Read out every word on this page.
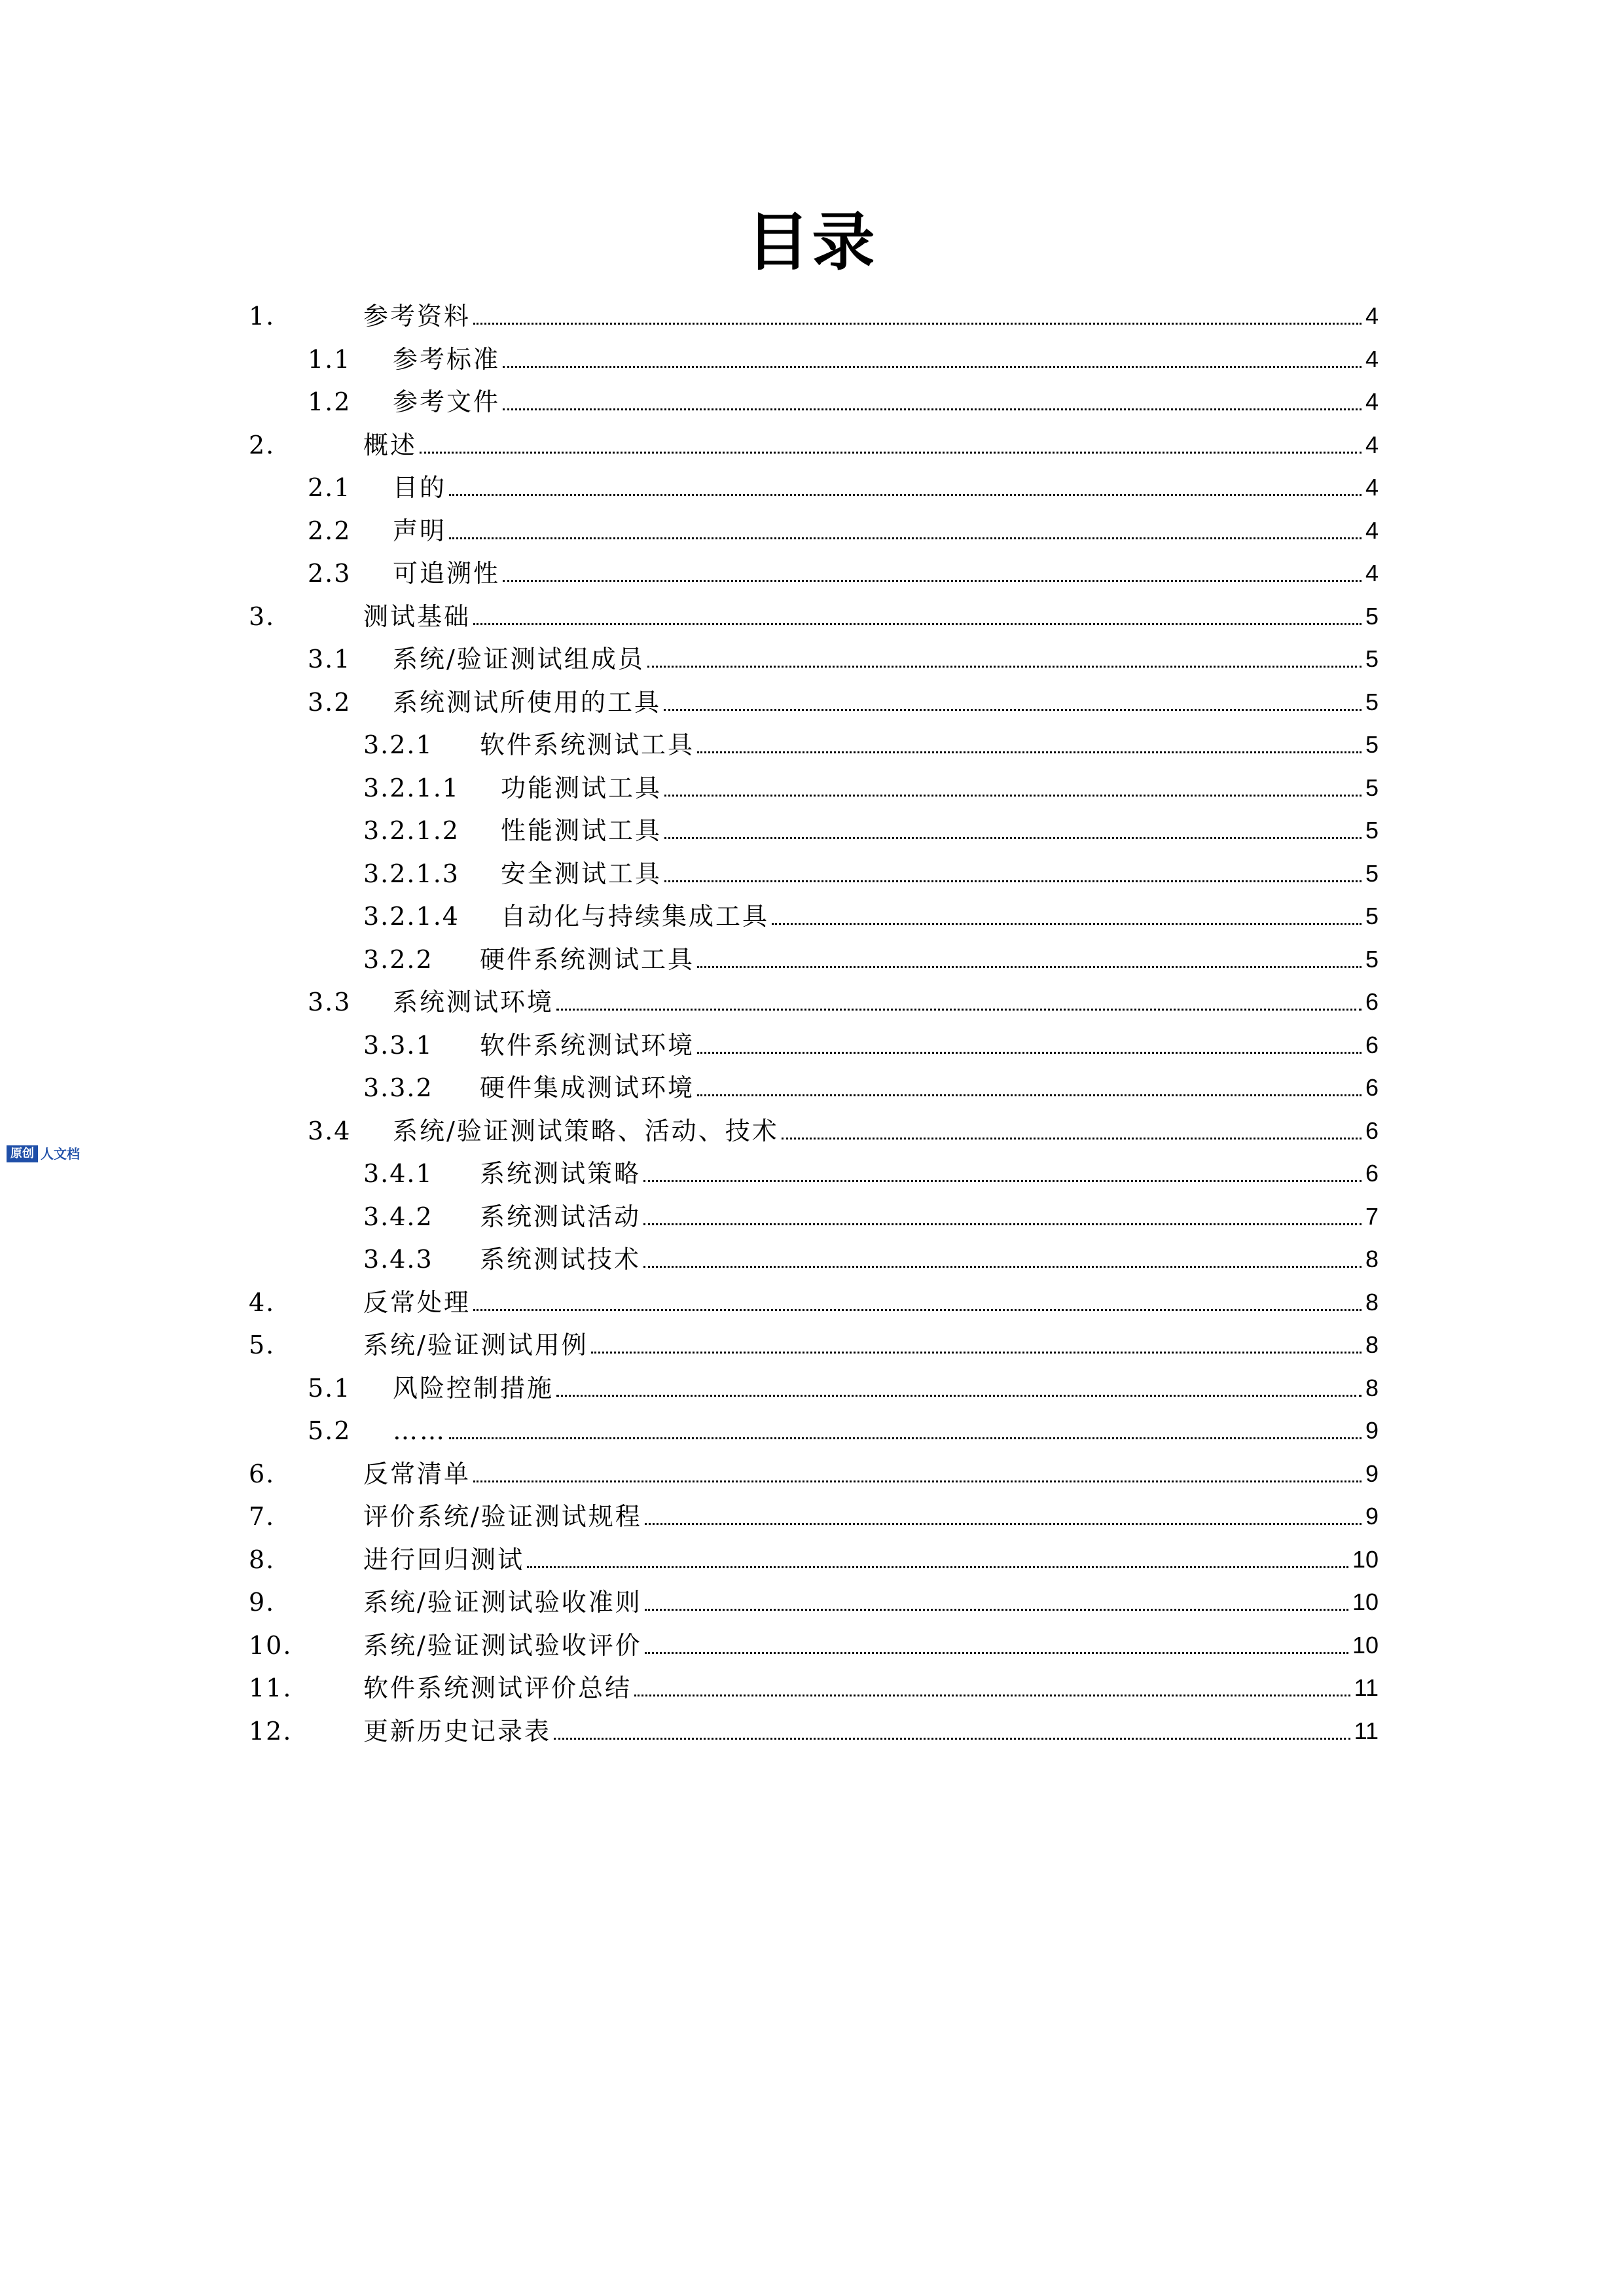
目录
1.	参考资料	4
1.1 参考标准	4
1.2 参考文件	4
2.	概述	4
2.1 目的	4
2.2 声明	4
2.3 可追溯性	4
3.	测试基础	5
3.1 系统/验证测试组成员	5
3.2 系统测试所使用的工具	5
3.2.1 软件系统测试工具	5
3.2.1.1 功能测试工具	5
3.2.1.2 性能测试工具	5
3.2.1.3 安全测试工具	5
3.2.1.4 自动化与持续集成工具	5
3.2.2 硬件系统测试工具	5
3.3 系统测试环境	6
3.3.1 软件系统测试环境	6
3.3.2 硬件集成测试环境	6
3.4 系统/验证测试策略、活动、技术	6
3.4.1 系统测试策略	6
3.4.2 系统测试活动	7
3.4.3 系统测试技术	8
4.	反常处理	8
5.	系统/验证测试用例	8
5.1 风险控制措施	8
5.2 ……	9
6.	反常清单	9
7.	评价系统/验证测试规程	9
8.	进行回归测试	10
9.	系统/验证测试验收准则	10
10.	系统/验证测试验收评价	10
11.	软件系统测试评价总结	11
12.	更新历史记录表	11
原创 人文档
